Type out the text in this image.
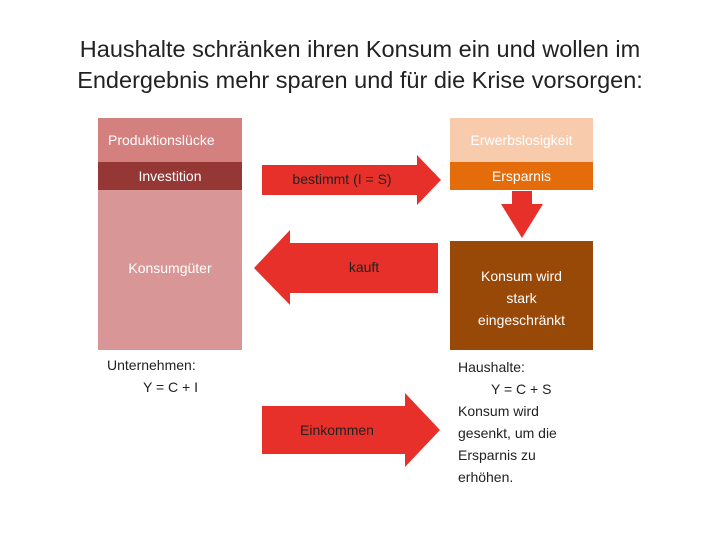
Haushalte schränken ihren Konsum ein und wollen im
Endergebnis mehr sparen und für die Krise vorsorgen:
Produktionslücke
Investition
Konsumgüter
Erwerbslosigkeit
Ersparnis
Konsum wird
stark
eingeschränkt
bestimmt (I = S)
kauft
Einkommen
Unternehmen:
Y = C + I
Haushalte:
Y = C + S
Konsum wird
gesenkt, um die
Ersparnis zu
erhöhen.
